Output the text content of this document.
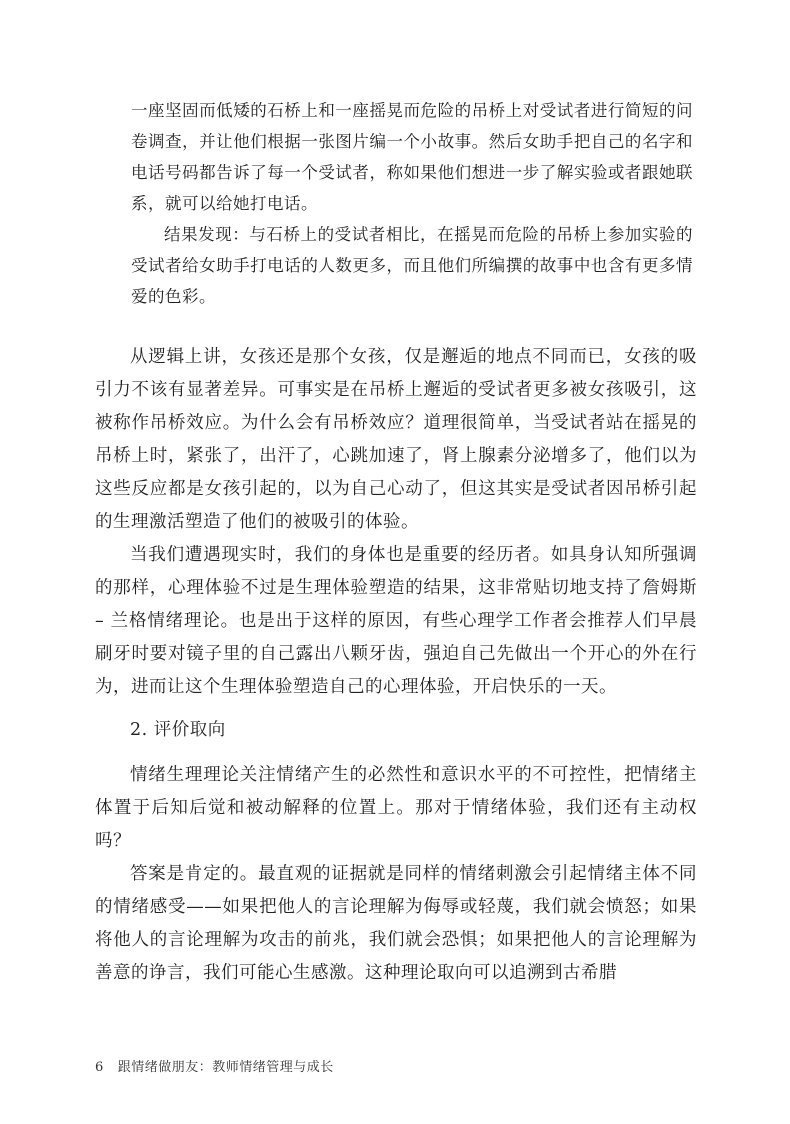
一座坚固而低矮的石桥上和一座摇晃而危险的吊桥上对受试者进行简短的问卷调查，并让他们根据一张图片编一个小故事。然后女助手把自己的名字和电话号码都告诉了每一个受试者，称如果他们想进一步了解实验或者跟她联系，就可以给她打电话。

结果发现：与石桥上的受试者相比，在摇晃而危险的吊桥上参加实验的受试者给女助手打电话的人数更多，而且他们所编撰的故事中也含有更多情爱的色彩。

从逻辑上讲，女孩还是那个女孩，仅是邂逅的地点不同而已，女孩的吸引力不该有显著差异。可事实是在吊桥上邂逅的受试者更多被女孩吸引，这被称作吊桥效应。为什么会有吊桥效应？道理很简单，当受试者站在摇晃的吊桥上时，紧张了，出汗了，心跳加速了，肾上腺素分泌增多了，他们以为这些反应都是女孩引起的，以为自己心动了，但这其实是受试者因吊桥引起的生理激活塑造了他们的被吸引的体验。

当我们遭遇现实时，我们的身体也是重要的经历者。如具身认知所强调的那样，心理体验不过是生理体验塑造的结果，这非常贴切地支持了詹姆斯 – 兰格情绪理论。也是出于这样的原因，有些心理学工作者会推荐人们早晨刷牙时要对镜子里的自己露出八颗牙齿，强迫自己先做出一个开心的外在行为，进而让这个生理体验塑造自己的心理体验，开启快乐的一天。

2. 评价取向

情绪生理理论关注情绪产生的必然性和意识水平的不可控性，把情绪主体置于后知后觉和被动解释的位置上。那对于情绪体验，我们还有主动权吗？

答案是肯定的。最直观的证据就是同样的情绪刺激会引起情绪主体不同的情绪感受——如果把他人的言论理解为侮辱或轻蔑，我们就会愤怒；如果将他人的言论理解为攻击的前兆，我们就会恐惧；如果把他人的言论理解为善意的诤言，我们可能心生感激。这种理论取向可以追溯到古希腊

6 跟情绪做朋友：教师情绪管理与成长
